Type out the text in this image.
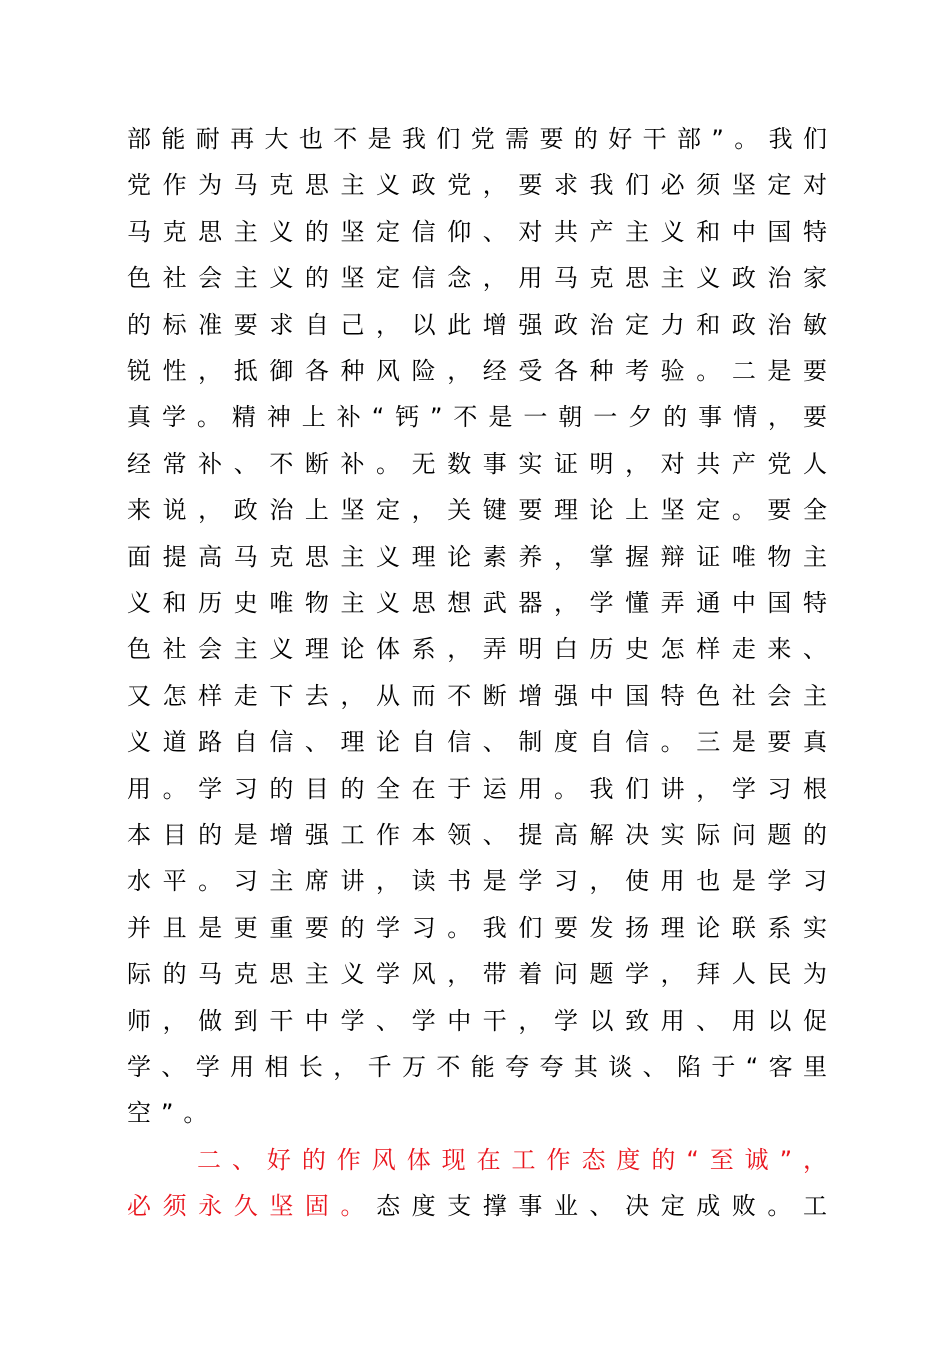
部能耐再大也不是我们党需要的好干部”。我们
党作为马克思主义政党，要求我们必须坚定对
马克思主义的坚定信仰、对共产主义和中国特
色社会主义的坚定信念，用马克思主义政治家
的标准要求自己，以此增强政治定力和政治敏
锐性，抵御各种风险，经受各种考验。二是要
真学。精神上补“钙”不是一朝一夕的事情，要
经常补、不断补。无数事实证明，对共产党人
来说，政治上坚定，关键要理论上坚定。要全
面提高马克思主义理论素养，掌握辩证唯物主
义和历史唯物主义思想武器，学懂弄通中国特
色社会主义理论体系，弄明白历史怎样走来、
又怎样走下去，从而不断增强中国特色社会主
义道路自信、理论自信、制度自信。三是要真
用。学习的目的全在于运用。我们讲，学习根
本目的是增强工作本领、提高解决实际问题的
水平。习主席讲，读书是学习，使用也是学习
并且是更重要的学习。我们要发扬理论联系实
际的马克思主义学风，带着问题学，拜人民为
师，做到干中学、学中干，学以致用、用以促
学、学用相长，千万不能夸夸其谈、陷于“客里
空”。
二、好的作风体现在工作态度的“至诚”，
必须永久坚固。态度支撑事业、决定成败。工
